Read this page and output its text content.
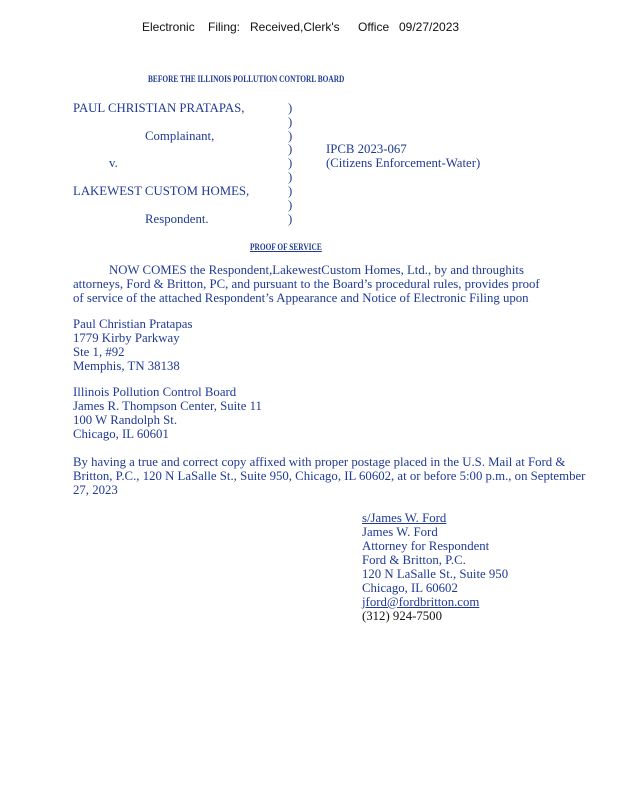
Electronic Filing: Received,Clerk's Office 09/27/2023
BEFORE THE ILLINOIS POLLUTION CONTORL BOARD
PAUL CHRISTIAN PRATAPAS,
Complainant,
v.
LAKEWEST CUSTOM HOMES,
Respondent.
)
)
)
)
)
)
)
)
)
IPCB 2023-067
(Citizens Enforcement-Water)
PROOF OF SERVICE
NOW COMES the Respondent,LakewestCustom Homes, Ltd., by and throughits attorneys, Ford & Britton, PC, and pursuant to the Board’s procedural rules, provides proof of service of the attached Respondent’s Appearance and Notice of Electronic Filing upon
Paul Christian Pratapas
1779 Kirby Parkway
Ste 1, #92
Memphis, TN 38138
Illinois Pollution Control Board
James R. Thompson Center, Suite 11
100 W Randolph St.
Chicago, IL 60601
By having a true and correct copy affixed with proper postage placed in the U.S. Mail at Ford & Britton, P.C., 120 N LaSalle St., Suite 950, Chicago, IL 60602, at or before 5:00 p.m., on September 27, 2023
s/James W. Ford
James W. Ford
Attorney for Respondent
Ford & Britton, P.C.
120 N LaSalle St., Suite 950
Chicago, IL 60602
jford@fordbritton.com
(312) 924-7500
